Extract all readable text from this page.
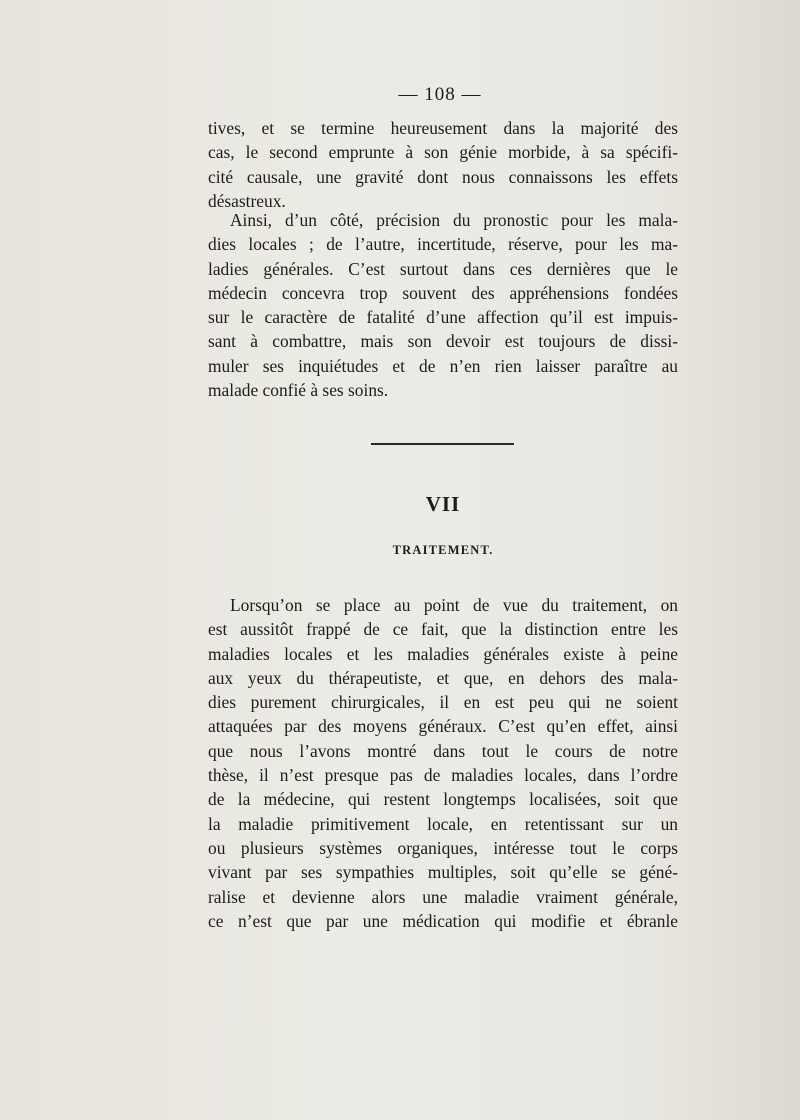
— 108 —
tives, et se termine heureusement dans la majorité des
cas, le second emprunte à son génie morbide, à sa spécifi-
cité causale, une gravité dont nous connaissons les effets
désastreux.
Ainsi, d’un côté, précision du pronostic pour les mala-
dies locales ; de l’autre, incertitude, réserve, pour les ma-
ladies générales. C’est surtout dans ces dernières que le
médecin concevra trop souvent des appréhensions fondées
sur le caractère de fatalité d’une affection qu’il est impuis-
sant à combattre, mais son devoir est toujours de dissi-
muler ses inquiétudes et de n’en rien laisser paraître au
malade confié à ses soins.
VII
TRAITEMENT.
Lorsqu’on se place au point de vue du traitement, on
est aussitôt frappé de ce fait, que la distinction entre les
maladies locales et les maladies générales existe à peine
aux yeux du thérapeutiste, et que, en dehors des mala-
dies purement chirurgicales, il en est peu qui ne soient
attaquées par des moyens généraux. C’est qu’en effet, ainsi
que nous l’avons montré dans tout le cours de notre
thèse, il n’est presque pas de maladies locales, dans l’ordre
de la médecine, qui restent longtemps localisées, soit que
la maladie primitivement locale, en retentissant sur un
ou plusieurs systèmes organiques, intéresse tout le corps
vivant par ses sympathies multiples, soit qu’elle se géné-
ralise et devienne alors une maladie vraiment générale,
ce n’est que par une médication qui modifie et ébranle
